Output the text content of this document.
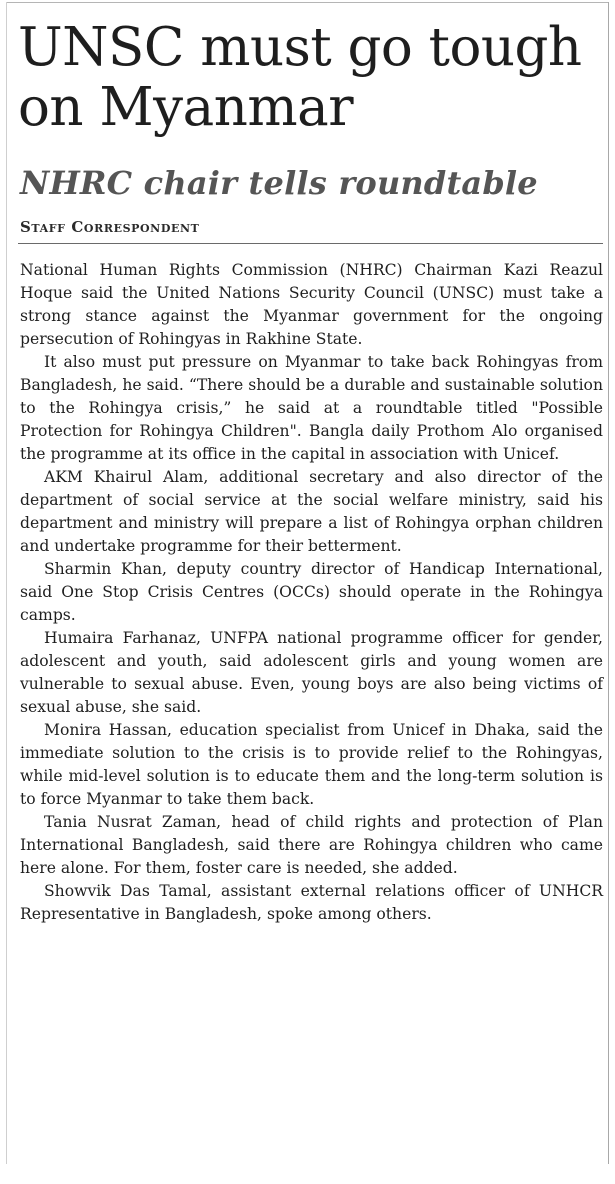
UNSC must go tough on Myanmar
NHRC chair tells roundtable
Staff Correspondent

National Human Rights Commission (NHRC) Chairman Kazi Reazul Hoque said the United Nations Security Council (UNSC) must take a strong stance against the Myanmar government for the ongoing persecution of Rohingyas in Rakhine State.

It also must put pressure on Myanmar to take back Rohingyas from Bangladesh, he said. “There should be a durable and sustainable solution to the Rohingya crisis,” he said at a roundtable titled "Possible Protection for Rohingya Children". Bangla daily Prothom Alo organised the programme at its office in the capital in association with Unicef.

AKM Khairul Alam, additional secretary and also director of the department of social service at the social welfare ministry, said his department and ministry will prepare a list of Rohingya orphan children and undertake programme for their betterment.

Sharmin Khan, deputy country director of Handicap International, said One Stop Crisis Centres (OCCs) should operate in the Rohingya camps.

Humaira Farhanaz, UNFPA national programme officer for gender, adolescent and youth, said adolescent girls and young women are vulnerable to sexual abuse. Even, young boys are also being victims of sexual abuse, she said.

Monira Hassan, education specialist from Unicef in Dhaka, said the immediate solution to the crisis is to provide relief to the Rohingyas, while mid-level solution is to educate them and the long-term solution is to force Myanmar to take them back.

Tania Nusrat Zaman, head of child rights and protection of Plan International Bangladesh, said there are Rohingya children who came here alone. For them, foster care is needed, she added.

Showvik Das Tamal, assistant external relations officer of UNHCR Representative in Bangladesh, spoke among others.
